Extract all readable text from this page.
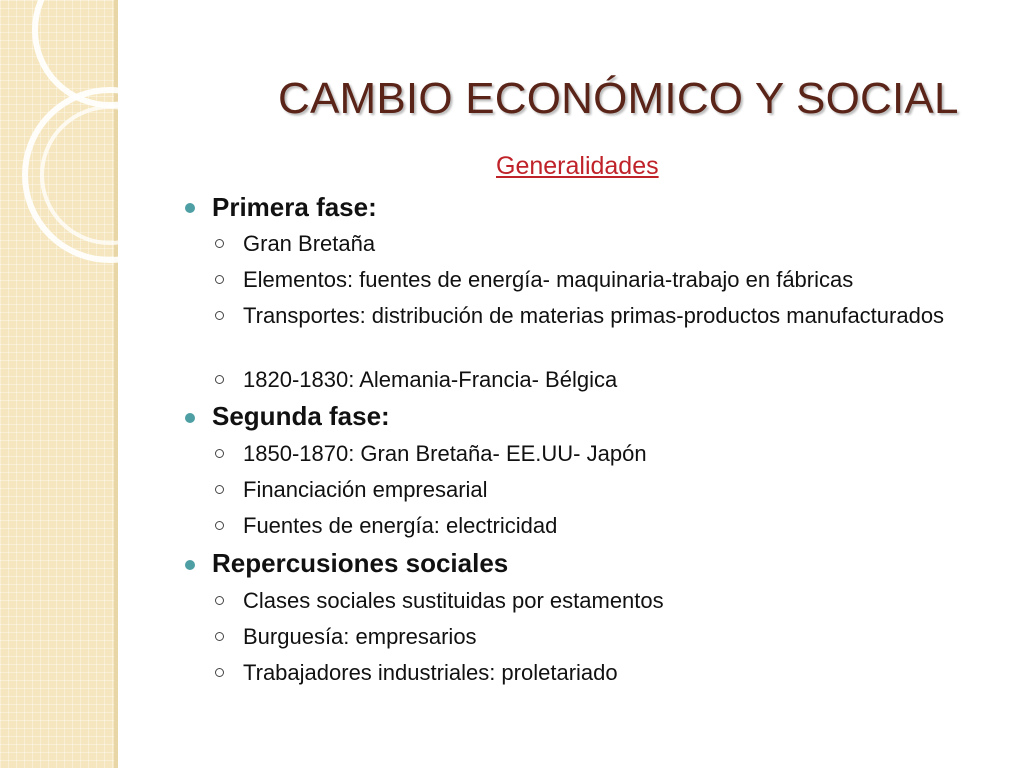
CAMBIO ECONÓMICO Y SOCIAL
Generalidades
Primera fase:
Gran Bretaña
Elementos: fuentes de energía- maquinaria-trabajo en fábricas
Transportes: distribución de materias primas-productos manufacturados
1820-1830: Alemania-Francia- Bélgica
Segunda fase:
1850-1870: Gran Bretaña- EE.UU- Japón
Financiación empresarial
Fuentes de energía: electricidad
Repercusiones sociales
Clases sociales sustituidas por estamentos
Burguesía: empresarios
Trabajadores industriales: proletariado
